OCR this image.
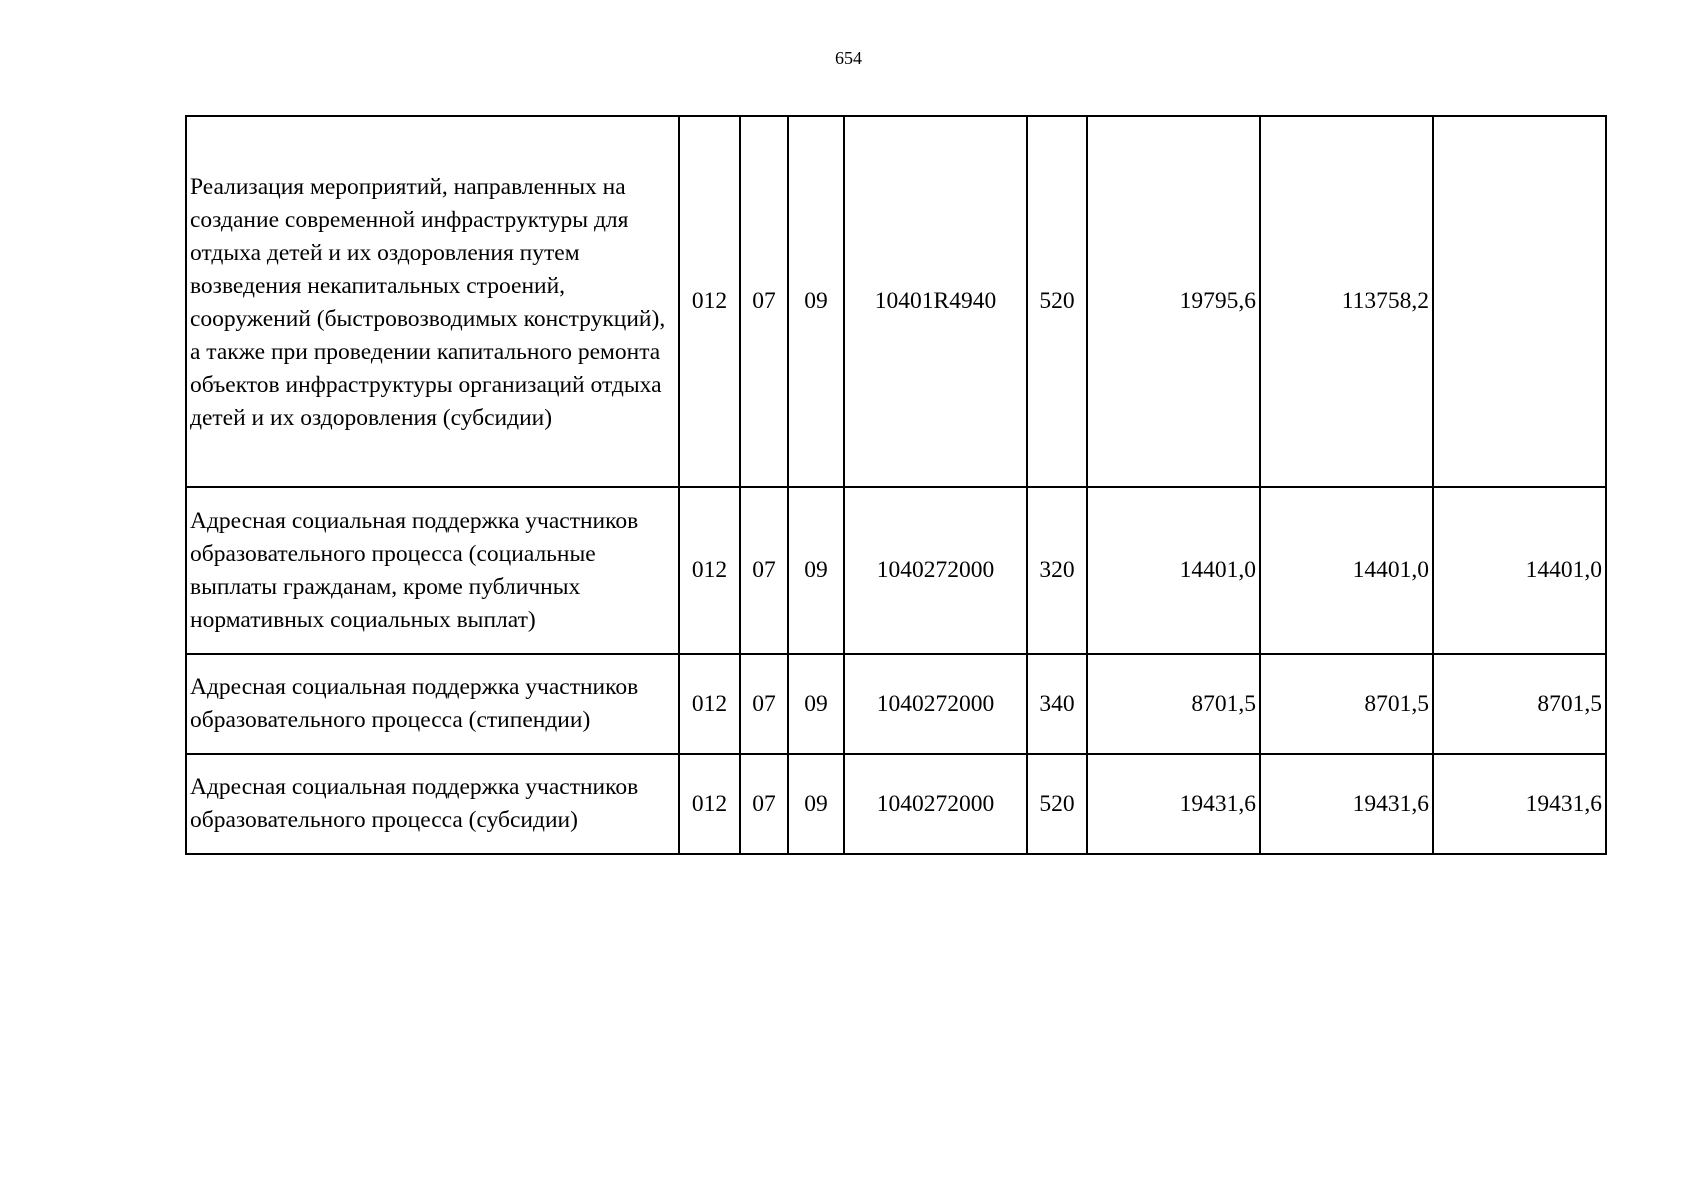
654
Реализация мероприятий, направленных на создание современной инфраструктуры для отдыха детей и их оздоровления путем возведения некапитальных строений, сооружений (быстровозводимых конструкций), а также при проведении капитального ремонта объектов инфраструктуры организаций отдыха детей и их оздоровления (субсидии)	012	07	09	10401R4940	520	19795,6	113758,2	
Адресная социальная поддержка участников образовательного процесса (социальные выплаты гражданам, кроме публичных нормативных социальных выплат)	012	07	09	1040272000	320	14401,0	14401,0	14401,0
Адресная социальная поддержка участников образовательного процесса (стипендии)	012	07	09	1040272000	340	8701,5	8701,5	8701,5
Адресная социальная поддержка участников образовательного процесса (субсидии)	012	07	09	1040272000	520	19431,6	19431,6	19431,6
